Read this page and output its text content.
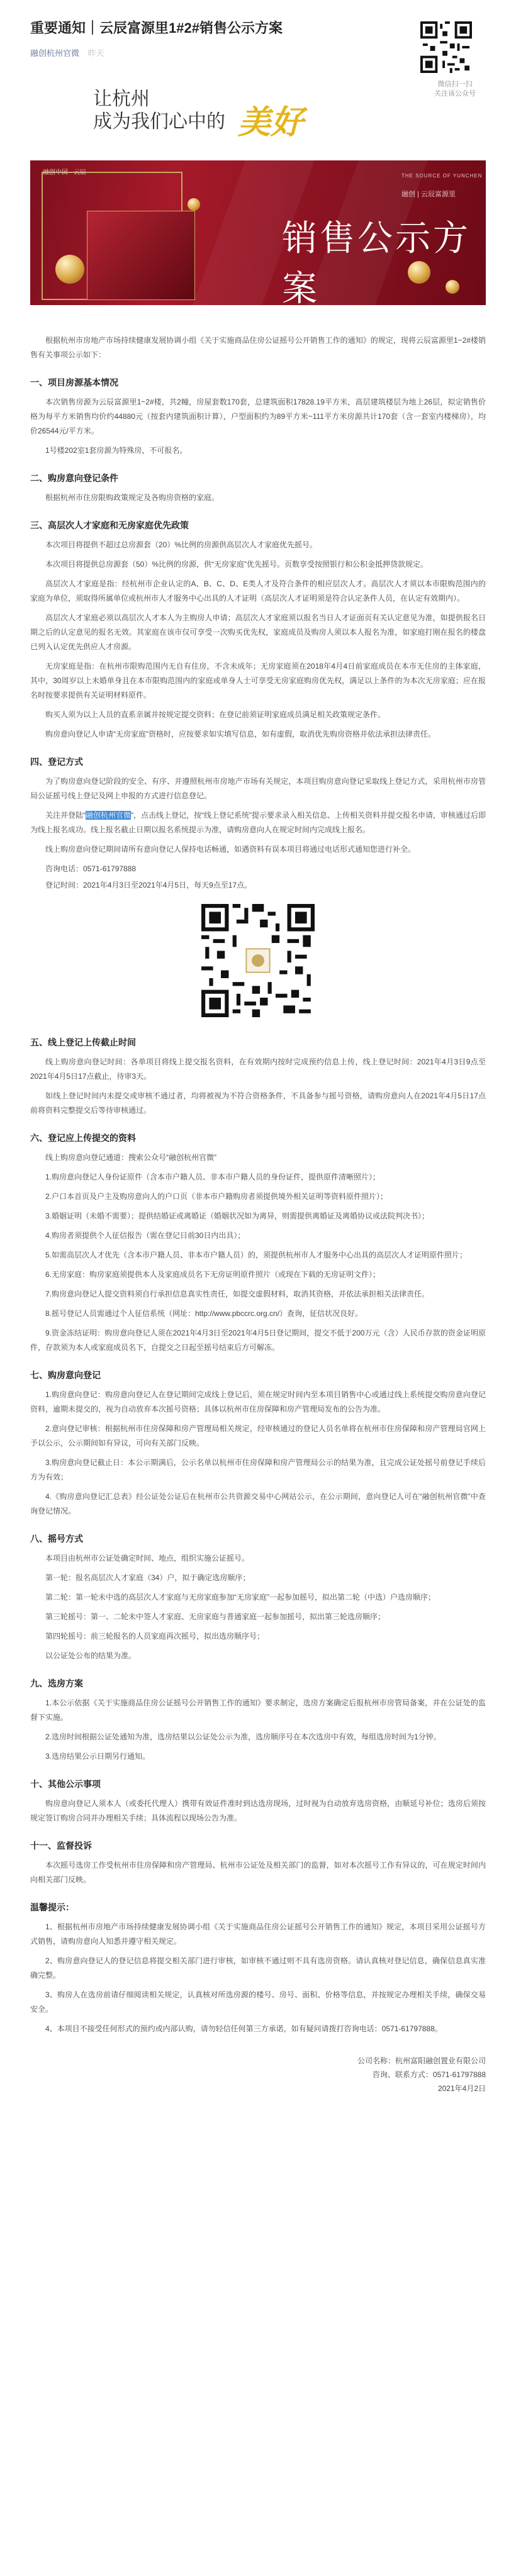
重要通知｜云辰富源里1#2#销售公示方案
融创杭州官微 昨天
微信扫一扫
关注该公众号
让杭州
成为我们心中的 美好
融创中国 · 云辰	THE SOURCE OF YUNCHEN
融创 | 云辰富源里
销售公示方案

根据杭州市房地产市场持续健康发展协调小组《关于实施商品住房公证摇号公开销售工作的通知》的规定，现将云辰富源里1~2#楼销售有关事项公示如下：

一、项目房源基本情况

本次销售房源为云辰富源里1~2#楼，共2幢，房屋套数170套，总建筑面积17828.19平方米，高层建筑楼层为地上26层，拟定销售价格为每平方米销售均价约44880元（按套内建筑面积计算），户型面积约为89平方米~111平方米房源共计170套（含一套室内楼梯房），均价26544元/平方米。

1号楼202室1套房源为特殊房，不可报名。

二、购房意向登记条件

根据杭州市住房限购政策规定及各购房资格的家庭。

三、高层次人才家庭和无房家庭优先政策

本次项目将提供不超过总房源套（20）%比例的房源供高层次人才家庭优先摇号。

本次项目将提供总房源套（50）%比例的房源，供“无房家庭”优先摇号。页数享受按照银行和公积金抵押贷款规定。

高层次人才家庭是指：经杭州市企业认定的A、B、C、D、E类人才及符合条件的相应层次人才。高层次人才须以本市限购范围内的家庭为单位，须取得所属单位或杭州市人才服务中心出具的人才证明（高层次人才证明须是符合认定条件人员，在认定有效期内）。

高层次人才家庭必须以高层次人才本人为主购房人申请；高层次人才家庭须以报名当日人才证面页有关认定意见为准，如提供报名日期之后的认定意见的报名无效。其家庭在该市仅可享受一次购买优先权，家庭成员及购房人须以本人报名为准，如家庭打刚在报名的楼盘已列入认定优先供应人才房源。

无房家庭是指：在杭州市限购范围内无自有住房，不含未成年；无房家庭须在2018年4月4日前家庭成员在本市无住房的主体家庭，其中，30周岁以上未婚单身且在本市限购范围内的家庭或单身人士可享受无房家庭购房优先权，满足以上条件的为本次无房家庭；应在报名时按要求提供有关证明材料原件。

购买人须为以上人员的直系亲属并按规定提交资料；在登记前须证明家庭成员满足相关政策规定条件。

购房意向登记人申请“无房家庭”资格时，应按要求如实填写信息，如有虚假，取消优先购房资格并依法承担法律责任。

四、登记方式

为了购房意向登记阶段的安全、有序、并遵照杭州市房地产市场有关规定，本项目购房意向登记采取线上登记方式，采用杭州市房管局公证摇号线上登记及网上申报的方式进行信息登记。

关注并登陆“融创杭州官微”，点击线上登记，按“线上登记系统”提示要求录入相关信息、上传相关资料并提交报名申请，审核通过后即为线上报名成功。线上报名截止日期以报名系统提示为准，请购房意向人在规定时间内完成线上报名。

线上购房意向登记期间请所有意向登记人保持电话畅通，如遇资料有误本项目将通过电话形式通知您进行补全。

咨询电话：0571-61797888

登记时间：2021年4月3日至2021年4月5日，每天9点至17点。

五、线上登记上传截止时间

线上购房意向登记时间：各单项目将线上提交报名资料，在有效期内按时完成预约信息上传，线上登记时间：2021年4月3日9点至2021年4月5日17点截止，待审3天。

如线上登记时间内未提交或审核不通过者，均将被视为不符合资格条件，不具备参与摇号资格，请购房意向人在2021年4月5日17点前将资料完整提交后等待审核通过。

六、登记应上传提交的资料

线上购房意向登记通道：搜索公众号“融创杭州官微”

1.购房意向登记人身份证原件（含本市户籍人员、非本市户籍人员的身份证件，提供原件清晰照片）；

2.户口本首页及户主及购房意向人的户口页（非本市户籍购房者须提供境外相关证明等资料原件照片）；

3.婚姻证明（未婚不需要）；提供结婚证或离婚证（婚姻状况如为离异，则需提供离婚证及离婚协议或法院判决书）；

4.购房者须提供个人征信报告（需在登记日前30日内出具）；

5.如需高层次人才优先（含本市户籍人员、非本市户籍人员）的，须提供杭州市人才服务中心出具的高层次人才证明原件照片；

6.无房家庭：购房家庭须提供本人及家庭成员名下无房证明原件照片（或现在下载的无房证明文件）；

7.购房意向登记人提交资料须自行承担信息真实性责任，如提交虚假材料，取消其资格，并依法承担相关法律责任。

8.摇号登记人员需通过个人征信系统（网址：http://www.pbccrc.org.cn/）查询，征信状况良好。

9.资金冻结证明：购房意向登记人须在2021年4月3日至2021年4月5日登记期间，提交不低于200万元（含）人民币存款的资金证明原件，存款须为本人或家庭成员名下，自提交之日起至摇号结束后方可解冻。

七、购房意向登记

1.购房意向登记：购房意向登记人在登记期间完成线上登记后，须在规定时间内至本项目销售中心或通过线上系统提交购房意向登记资料，逾期未提交的，视为自动放弃本次摇号资格；具体以杭州市住房保障和房产管理局发布的公告为准。

2.意向登记审核：根据杭州市住房保障和房产管理局相关规定，经审核通过的登记人员名单将在杭州市住房保障和房产管理局官网上予以公示，公示期间如有异议，可向有关部门反映。

3.购房意向登记截止日：本公示期满后，公示名单以杭州市住房保障和房产管理局公示的结果为准，且完成公证处摇号前登记手续后方为有效；

4.《购房意向登记汇总表》经公证处公证后在杭州市公共资源交易中心网站公示，在公示期间，意向登记人可在“融创杭州官微”中查询登记情况。

八、摇号方式

本项目由杭州市公证处确定时间、地点，组织实施公证摇号。

第一轮：报名高层次人才家庭（34）户，拟于确定选房顺序；

第二轮：第一轮未中选的高层次人才家庭与无房家庭参加“无房家庭”一起参加摇号，拟出第二轮（中选）户选房顺序；

第三轮摇号：第一、二轮未中签人才家庭、无房家庭与普通家庭一起参加摇号，拟出第三轮选房顺序；

第四轮摇号：前三轮报名的人员家庭再次摇号，拟出选房顺序号；

以公证处公布的结果为准。

九、选房方案

1.本公示依据《关于实施商品住房公证摇号公开销售工作的通知》要求制定，选房方案确定后报杭州市房管局备案，并在公证处的监督下实施。

2.选房时间根据公证处通知为准，选房结果以公证处公示为准，选房顺序号在本次选房中有效，每组选房时间为1分钟。

3.选房结果公示日期另行通知。

十、其他公示事项

购房意向登记人须本人（或委托代理人）携带有效证件准时到达选房现场，过时视为自动放弃选房资格，由顺延号补位；选房后须按规定签订购房合同并办理相关手续；具体流程以现场公告为准。

十一、监督投诉

本次摇号选房工作受杭州市住房保障和房产管理局、杭州市公证处及相关部门的监督，如对本次摇号工作有异议的，可在规定时间内向相关部门反映。

温馨提示：

1、根据杭州市房地产市场持续健康发展协调小组《关于实施商品住房公证摇号公开销售工作的通知》规定，本项目采用公证摇号方式销售，请购房意向人知悉并遵守相关规定。

2、购房意向登记人的登记信息将提交相关部门进行审核，如审核不通过则不具有选房资格。请认真核对登记信息，确保信息真实准确完整。

3、购房人在选房前请仔细阅读相关规定，认真核对所选房源的楼号、房号、面积、价格等信息，并按规定办理相关手续，确保交易安全。

4、本项目不接受任何形式的预约或内部认购，请勿轻信任何第三方承诺，如有疑问请拨打咨询电话：0571-61797888。

公司名称：杭州富阳融创置业有限公司
咨询、联系方式：0571-61797888
2021年4月2日
